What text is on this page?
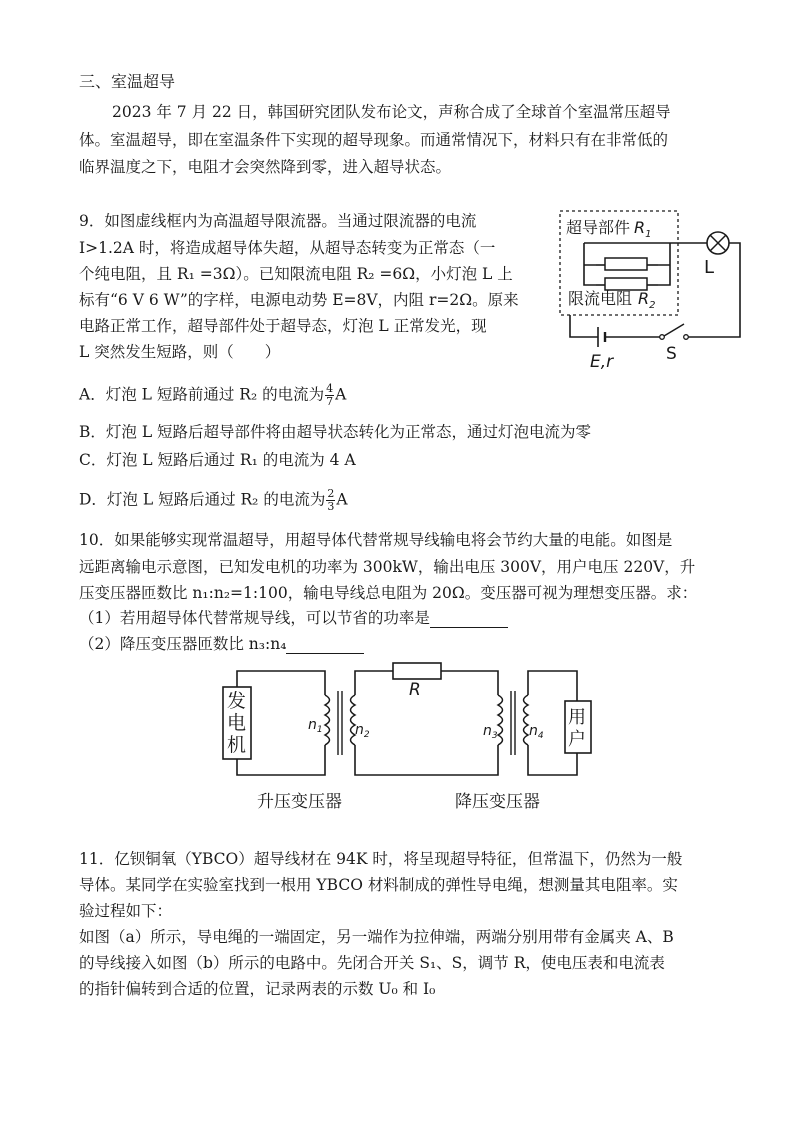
三、室温超导
2023 年 7 月 22 日，韩国研究团队发布论文，声称合成了全球首个室温常压超导
体。室温超导，即在室温条件下实现的超导现象。而通常情况下，材料只有在非常低的
临界温度之下，电阻才会突然降到零，进入超导状态。
9．如图虚线框内为高温超导限流器。当通过限流器的电流
I>1.2A 时，将造成超导体失超，从超导态转变为正常态（一
个纯电阻，且 R₁ =3Ω）。已知限流电阻 R₂ =6Ω，小灯泡 L 上
标有“6 V 6 W”的字样，电源电动势 E=8V，内阻 r=2Ω。原来
电路正常工作，超导部件处于超导态，灯泡 L 正常发光，现
L 突然发生短路，则（　　）
超导部件 $R_1$
限流电阻 $R_2$
L
E,r	S
A．灯泡 L 短路前通过 R₂ 的电流为 $\frac{4}{7}$ A
B．灯泡 L 短路后超导部件将由超导状态转化为正常态，通过灯泡电流为零
C．灯泡 L 短路后通过 R₁ 的电流为 4 A
D．灯泡 L 短路后通过 R₂ 的电流为 $\frac{2}{3}$ A
10．如果能够实现常温超导，用超导体代替常规导线输电将会节约大量的电能。如图是
远距离输电示意图，已知发电机的功率为 300kW，输出电压 300V，用户电压 220V，升
压变压器匝数比 n₁:n₂=1:100，输电导线总电阻为 20Ω。变压器可视为理想变压器。求：
（1）若用超导体代替常规导线，可以节省的功率是
（2）降压变压器匝数比 n₃:n₄
发
电
机
$n_1$ $n_2$
R
$n_3$ $n_4$
用
户
升压变压器	降压变压器
11．亿钡铜氧（YBCO）超导线材在 94K 时，将呈现超导特征，但常温下，仍然为一般
导体。某同学在实验室找到一根用 YBCO 材料制成的弹性导电绳，想测量其电阻率。实
验过程如下：
如图（a）所示，导电绳的一端固定，另一端作为拉伸端，两端分别用带有金属夹 A、B
的导线接入如图（b）所示的电路中。先闭合开关 S₁、S，调节 R，使电压表和电流表
的指针偏转到合适的位置，记录两表的示数 U₀ 和 I₀
